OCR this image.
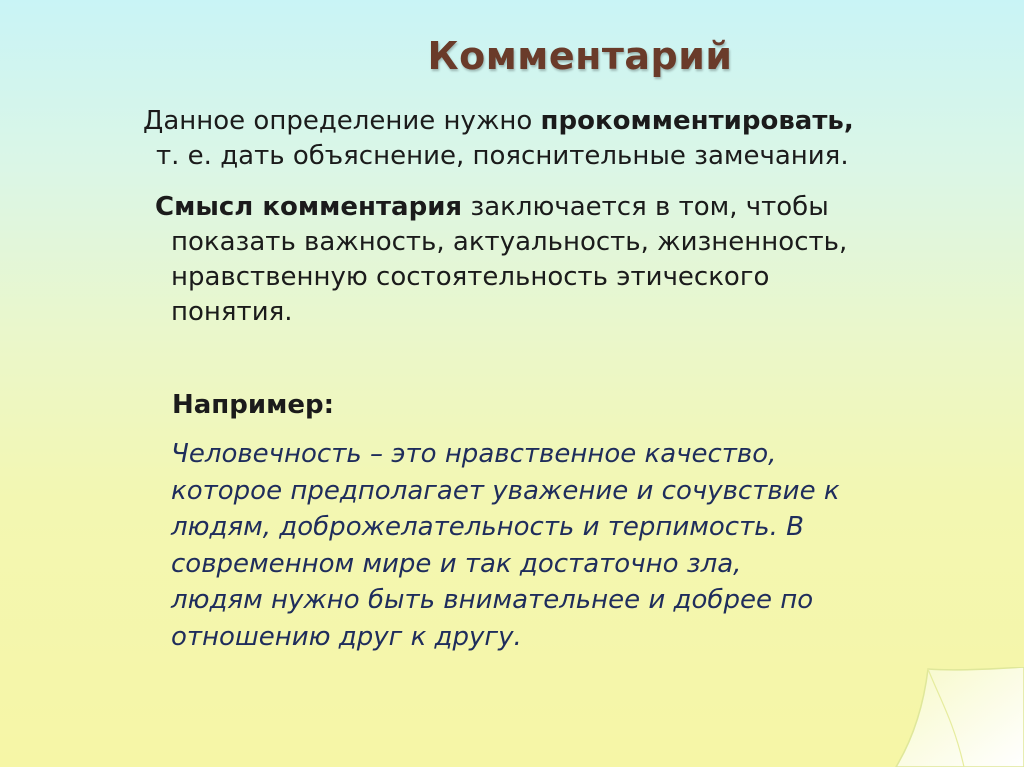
Комментарий
Данное определение нужно прокомментировать,
т. е. дать объяснение, пояснительные замечания.
Смысл комментария заключается в том, чтобы
показать важность, актуальность, жизненность,
нравственную состоятельность этического
понятия.
Например:
Человечность – это нравственное качество,
которое предполагает уважение и сочувствие к
людям, доброжелательность и терпимость. В
современном мире и так достаточно зла,
людям нужно быть внимательнее и добрее по
отношению друг к другу.
